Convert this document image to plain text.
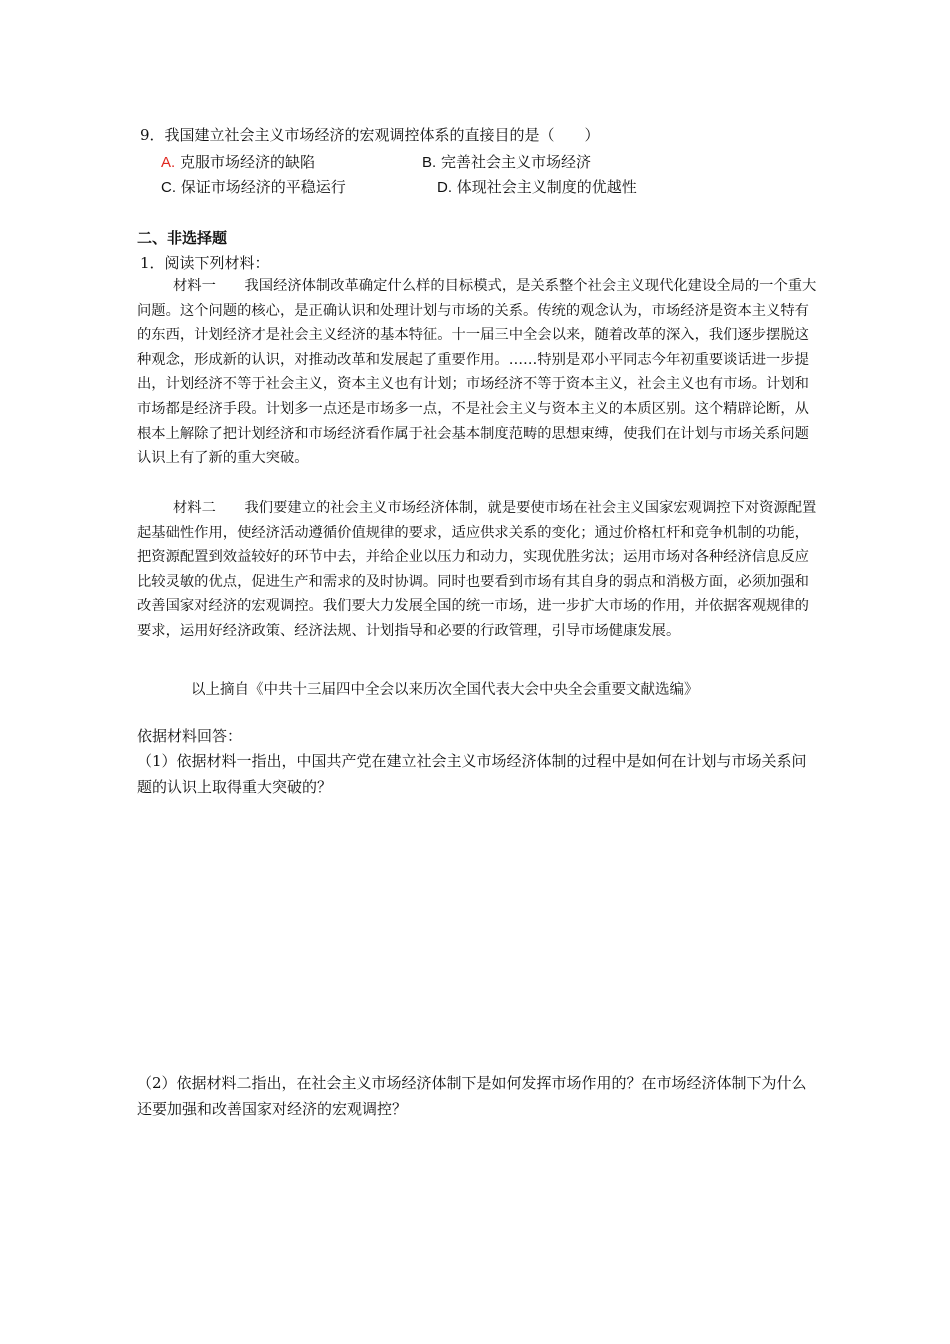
9．我国建立社会主义市场经济的宏观调控体系的直接目的是（　　）
A. 克服市场经济的缺陷	B. 完善社会主义市场经济
C. 保证市场经济的平稳运行	D. 体现社会主义制度的优越性
二、非选择题
1．阅读下列材料：

材料一　　我国经济体制改革确定什么样的目标模式，是关系整个社会主义现代化建设全局的一个重大问题。这个问题的核心，是正确认识和处理计划与市场的关系。传统的观念认为，市场经济是资本主义特有的东西，计划经济才是社会主义经济的基本特征。十一届三中全会以来，随着改革的深入，我们逐步摆脱这种观念，形成新的认识，对推动改革和发展起了重要作用。……特别是邓小平同志今年初重要谈话进一步提出，计划经济不等于社会主义，资本主义也有计划；市场经济不等于资本主义，社会主义也有市场。计划和市场都是经济手段。计划多一点还是市场多一点，不是社会主义与资本主义的本质区别。这个精辟论断，从根本上解除了把计划经济和市场经济看作属于社会基本制度范畴的思想束缚，使我们在计划与市场关系问题认识上有了新的重大突破。

材料二　　我们要建立的社会主义市场经济体制，就是要使市场在社会主义国家宏观调控下对资源配置起基础性作用，使经济活动遵循价值规律的要求，适应供求关系的变化；通过价格杠杆和竞争机制的功能，把资源配置到效益较好的环节中去，并给企业以压力和动力，实现优胜劣汰；运用市场对各种经济信息反应比较灵敏的优点，促进生产和需求的及时协调。同时也要看到市场有其自身的弱点和消极方面，必须加强和改善国家对经济的宏观调控。我们要大力发展全国的统一市场，进一步扩大市场的作用，并依据客观规律的要求，运用好经济政策、经济法规、计划指导和必要的行政管理，引导市场健康发展。

以上摘自《中共十三届四中全会以来历次全国代表大会中央全会重要文献选编》
依据材料回答：

（1）依据材料一指出，中国共产党在建立社会主义市场经济体制的过程中是如何在计划与市场关系问题的认识上取得重大突破的？

（2）依据材料二指出，在社会主义市场经济体制下是如何发挥市场作用的？在市场经济体制下为什么还要加强和改善国家对经济的宏观调控？
